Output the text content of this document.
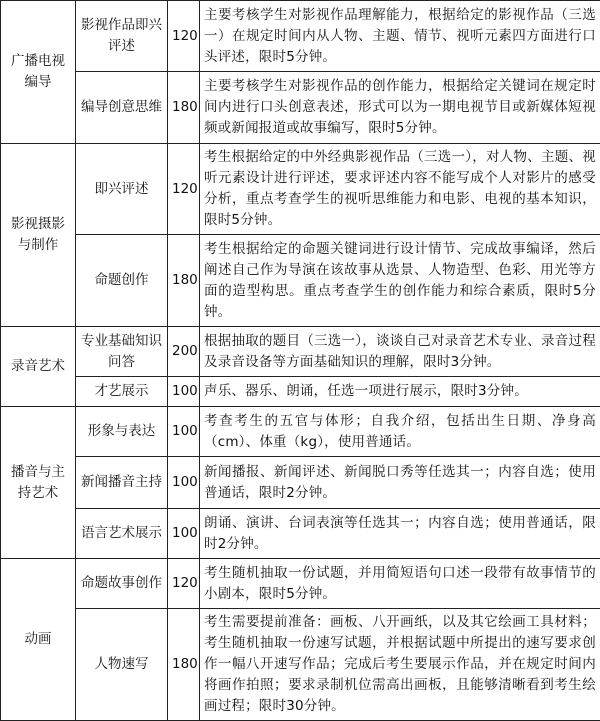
广播电视编导	影视作品即兴评述	120	主要考核学生对影视作品理解能力，根据给定的影视作品（三选一）在规定时间内从人物、主题、情节、视听元素四方面进行口头评述，限时5分钟。
	编导创意思维	180	主要考核学生对影视作品的创作能力，根据给定关键词在规定时间内进行口头创意表述，形式可以为一期电视节目或新媒体短视频或新闻报道或故事编写，限时5分钟。
影视摄影与制作	即兴评述	120	考生根据给定的中外经典影视作品（三选一），对人物、主题、视听元素设计进行评述，要求评述内容不能写成个人对影片的感受分析，重点考查学生的视听思维能力和电影、电视的基本知识，限时5分钟。
	命题创作	180	考生根据给定的命题关键词进行设计情节、完成故事编译，然后阐述自己作为导演在该故事从选景、人物造型、色彩、用光等方面的造型构思。重点考查学生的创作能力和综合素质，限时5分钟。
录音艺术	专业基础知识问答	200	根据抽取的题目（三选一），谈谈自己对录音艺术专业、录音过程及录音设备等方面基础知识的理解，限时3分钟。
	才艺展示	100	声乐、器乐、朗诵，任选一项进行展示，限时3分钟。
播音与主持艺术	形象与表达	100	考查考生的五官与体形；自我介绍，包括出生日期、净身高（cm）、体重（kg），使用普通话。
	新闻播音主持	100	新闻播报、新闻评述、新闻脱口秀等任选其一；内容自选；使用普通话，限时2分钟。
	语言艺术展示	100	朗诵、演讲、台词表演等任选其一；内容自选；使用普通话，限时2分钟。
动画	命题故事创作	120	考生随机抽取一份试题，并用简短语句口述一段带有故事情节的小剧本，限时5分钟。
	人物速写	180	考生需要提前准备：画板、八开画纸，以及其它绘画工具材料；考生随机抽取一份速写试题，并根据试题中所提出的速写要求创作一幅八开速写作品；完成后考生要展示作品，并在规定时间内将画作拍照；要求录制机位需高出画板，且能够清晰看到考生绘画过程；限时30分钟。
